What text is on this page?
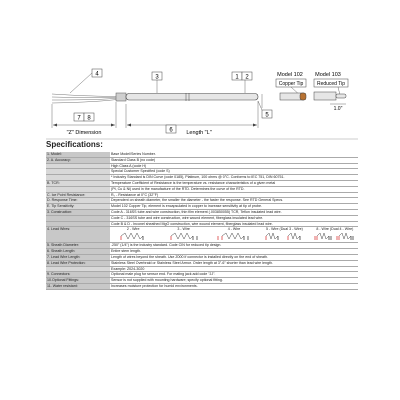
4	3	1 2
5
6 Length "L"
7 8
"Z" Dimension
Model 102
Copper Tip
Model 103
Reduced Tip
1.0"
Specifications:
1. Model:	Base Model/Series Number.
2. A. Accuracy:	Standard Class B (no code)
	High Class A (code H)
	Special Customer Specified (code S)
	* Industry Standard is DIN Curve (code 0185), Platinum, 100 ohms @ 0°C. Conforms to IEC 751, DIN 60751.
B. TCR:	Temperature Coefficient of Resistance is the temperature vs. resistance characteristics of a given metal
	(Pt, Cu & Ni) used in the manufacture of the RTD. Determines the curve of the RTD.
C. Ice Point Resistance:	R₀ - Resistance at 0°C (32°F)
D. Response Time:	Dependent on sheath diameter, the smaller the diameter - the faster the response. See RTD General Specs.
E. Tip Sensitivity:	Model 102 Copper Tip, element is encapsulated in copper to increase sensitivity at tip of probe.
3. Construction:	Code A - 316SS tube and wire construction, thin film element (.003850055) TCR, Teflon insulated lead wire.
	Code C - 316SS tube and wire construction, wire wound element, fiberglass insulated lead wire.
	Code B & D - Inconel sheathed MgO construction, wire wound element, fiberglass insulated lead wire.
4. Lead Wires:	2 - Wire 3 - Wire 4 - Wire 5 - Wire (Dual 3 - Wire) 8 - Wire (Dual 4 - Wire)

5. Sheath Diameter:	.250" (1/4") is the industry standard. Code CIN for reduced tip design.
6. Sheath Length:	Entire stem length.
7. Lead Wire Length:	Length of wires beyond the sheath. Use Z000 if connector is installed directly on the end of sheath.
8. Lead Wire Protection:	Stainless Steel Overbraid or Stainless Steel Armor. Order length at 3"-6" shorter than lead wire length.
	Example: Z024-3020
9. Connectors:	Optional male plug for sensor end. For mating jack add code "JJ".
10.Optional Fittings:	Sensor is not supplied with mounting hardware; specify optional fitting.
11. Water resistant:	Increases moisture protection for humid environments.
